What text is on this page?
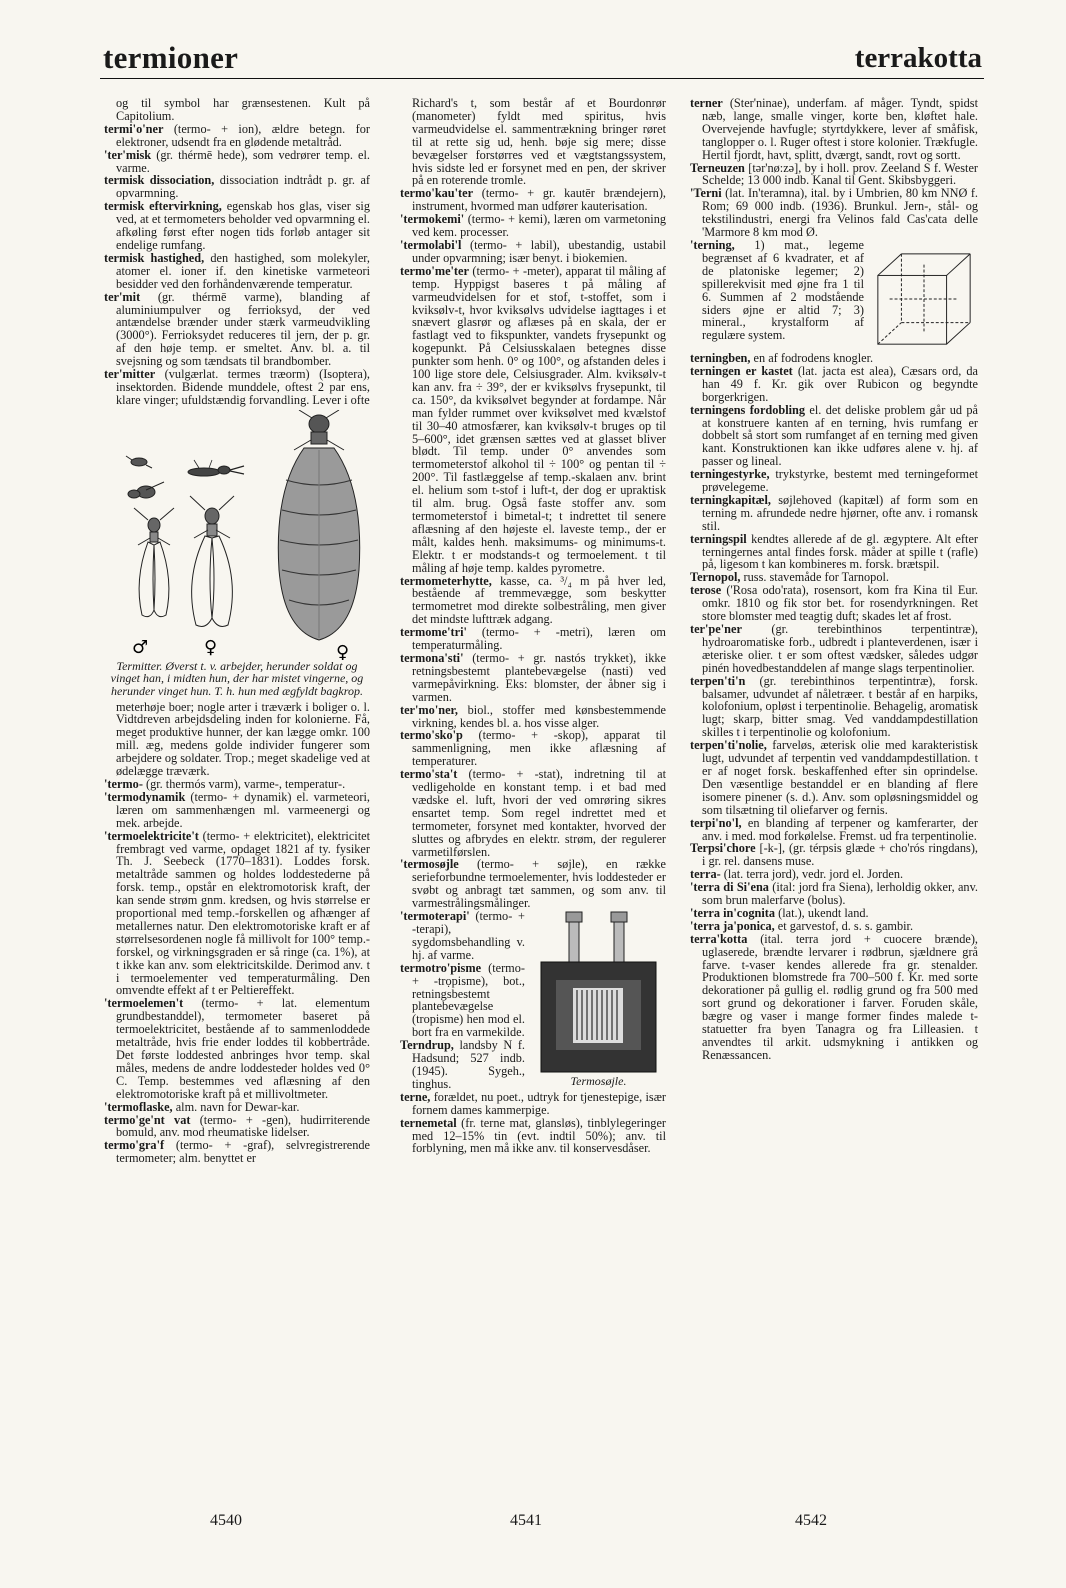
termioner	terrakotta

og til symbol har grænsestenen. Kult på Capitolium.

termi'o'ner (termo- + ion), ældre betegn. for elektroner, udsendt fra en glødende metaltråd.

'ter'misk (gr. thérmē hede), som vedrører temp. el. varme.

termisk dissociation, dissociation indtrådt p. gr. af opvarmning.

termisk eftervirkning, egenskab hos glas, viser sig ved, at et termometers beholder ved opvarmning el. afkøling først efter nogen tids forløb antager sit endelige rumfang.

termisk hastighed, den hastighed, som molekyler, atomer el. ioner if. den kinetiske varmeteori besidder ved den forhåndenværende temperatur.

ter'mit (gr. thérmē varme), blanding af aluminiumpulver og ferrioksyd, der ved antændelse brænder under stærk varmeudvikling (3000°). Ferrioksydet reduceres til jern, der p. gr. af den høje temp. er smeltet. Anv. bl. a. til svejsning og som tændsats til brandbomber.

ter'mitter (vulgærlat. termes træorm) (Isoptera), insektorden. Bidende munddele, oftest 2 par ens, klare vinger; ufuldstændig forvandling. Lever i ofte

♂	♀	♀
Termitter. Øverst t. v. arbejder, herunder soldat og vinget han, i midten hun, der har mistet vingerne, og herunder vinget hun. T. h. hun med ægfyldt bagkrop.

meterhøje boer; nogle arter i træværk i boliger o. l. Vidtdreven arbejdsdeling inden for kolonierne. Få, meget produktive hunner, der kan lægge omkr. 100 mill. æg, medens golde individer fungerer som arbejdere og soldater. Trop.; meget skadelige ved at ødelægge træværk.

'termo- (gr. thermós varm), varme-, temperatur-.

'termodynamik (termo- + dynamik) el. varmeteori, læren om sammenhængen ml. varmeenergi og mek. arbejde.

'termoelektricite't (termo- + elektricitet), elektricitet frembragt ved varme, opdaget 1821 af ty. fysiker Th. J. Seebeck (1770–1831). Loddes forsk. metaltråde sammen og holdes loddestederne på forsk. temp., opstår en elektromotorisk kraft, der kan sende strøm gnm. kredsen, og hvis størrelse er proportional med temp.-forskellen og afhænger af metallernes natur. Den elektromotoriske kraft er af størrelsesordenen nogle få millivolt for 100° temp.-forskel, og virkningsgraden er så ringe (ca. 1%), at t ikke kan anv. som elektricitskilde. Derimod anv. t i termoelementer ved temperaturmåling. Den omvendte effekt af t er Peltiereffekt.

'termoelemen't (termo- + lat. elementum grundbestanddel), termometer baseret på termoelektricitet, bestående af to sammenloddede metaltråde, hvis frie ender loddes til kobbertråde. Det første loddested anbringes hvor temp. skal måles, medens de andre loddesteder holdes ved 0° C. Temp. bestemmes ved aflæsning af den elektromotoriske kraft på et millivoltmeter.

'termoflaske, alm. navn for Dewar-kar.

termo'ge'nt vat (termo- + -gen), hudirriterende bomuld, anv. mod rheumatiske lidelser.

termo'gra'f (termo- + -graf), selvregistrerende termometer; alm. benyttet er

Richard's t, som består af et Bourdonrør (manometer) fyldt med spiritus, hvis varmeudvidelse el. sammentrækning bringer røret til at rette sig ud, henh. bøje sig mere; disse bevægelser forstørres ved et vægtstangssystem, hvis sidste led er forsynet med en pen, der skriver på en roterende tromle.

termo'kau'ter (termo- + gr. kautēr brændejern), instrument, hvormed man udfører kauterisation.

'termokemi' (termo- + kemi), læren om varmetoning ved kem. processer.

'termolabi'l (termo- + labil), ubestandig, ustabil under opvarmning; især benyt. i biokemien.

termo'me'ter (termo- + -meter), apparat til måling af temp. Hyppigst baseres t på måling af varmeudvidelsen for et stof, t-stoffet, som i kviksølv-t, hvor kviksølvs udvidelse iagttages i et snævert glasrør og aflæses på en skala, der er fastlagt ved to fikspunkter, vandets frysepunkt og kogepunkt. På Celsiusskalaen betegnes disse punkter som henh. 0° og 100°, og afstanden deles i 100 lige store dele, Celsiusgrader. Alm. kviksølv-t kan anv. fra ÷ 39°, der er kviksølvs frysepunkt, til ca. 150°, da kviksølvet begynder at fordampe. Når man fylder rummet over kviksølvet med kvælstof til 30–40 atmosfærer, kan kviksølv-t bruges op til 5–600°, idet grænsen sættes ved at glasset bliver blødt. Til temp. under 0° anvendes som termometerstof alkohol til ÷ 100° og pentan til ÷ 200°. Til fastlæggelse af temp.-skalaen anv. brint el. helium som t-stof i luft-t, der dog er upraktisk til alm. brug. Også faste stoffer anv. som termometerstof i bimetal-t; t indrettet til senere aflæsning af den højeste el. laveste temp., der er målt, kaldes henh. maksimums- og minimums-t. Elektr. t er modstands-t og termoelement. t til måling af høje temp. kaldes pyrometre.

termometerhytte, kasse, ca. ³/₄ m på hver led, bestående af tremmevægge, som beskytter termometret mod direkte solbestråling, men giver det mindste lufttræk adgang.

termome'tri' (termo- + -metri), læren om temperaturmåling.

termona'sti' (termo- + gr. nastós trykket), ikke retningsbestemt plantebevægelse (nasti) ved varmepåvirkning. Eks: blomster, der åbner sig i varmen.

ter'mo'ner, biol., stoffer med kønsbestemmende virkning, kendes bl. a. hos visse alger.

termo'sko'p (termo- + -skop), apparat til sammenligning, men ikke aflæsning af temperaturer.

termo'sta't (termo- + -stat), indretning til at vedligeholde en konstant temp. i et bad med vædske el. luft, hvori der ved omrøring sikres ensartet temp. Som regel indrettet med et termometer, forsynet med kontakter, hvorved der sluttes og afbrydes en elektr. strøm, der regulerer varmetilførslen.

'termosøjle (termo- + søjle), en række serieforbundne termoelementer, hvis loddesteder er svøbt og anbragt tæt sammen, og som anv. til varmestrålingsmålinger.

'termoterapi' (termo- + -terapi), sygdomsbehandling v. hj. af varme.

termotro'pisme (termo- + -trọpisme), bot., retningsbestemt plantebevægelse (tropisme) hen mod el. bort fra en varmekilde.

Terndrup, landsby N f. Hadsund; 527 indb. (1945). Sygeh., tinghus.	Termosøjle.

terne, forældet, nu poet., udtryk for tjenestepige, især fornem dames kammerpige.

ternemetal (fr. terne mat, glansløs), tinblylegeringer med 12–15% tin (evt. indtil 50%); anv. til forblyning, men må ikke anv. til konservesdåser.

terner (Ster'ninae), underfam. af måger. Tyndt, spidst næb, lange, smalle vinger, korte ben, kløftet hale. Overvejende havfugle; styrtdykkere, lever af småfisk, tanglopper o. l. Ruger oftest i store kolonier. Trækfugle. Hertil fjordt, havt, splitt, dværgt, sandt, rovt og sortt.

Terneuzen [tər'nø:zə], by i holl. prov. Zeeland S f. Wester Schelde; 13 000 indb. Kanal til Gent. Skibsbyggeri.

'Terni (lat. In'teramna), ital. by i Umbrien, 80 km NNØ f. Rom; 69 000 indb. (1936). Brunkul. Jern-, stål- og tekstilindustri, energi fra Velinos fald Cas'cata delle 'Marmore 8 km mod Ø.

'terning, 1) mat., legeme begrænset af 6 kvadrater, et af de platoniske legemer; 2) spillerekvisit med øjne fra 1 til 6. Summen af 2 modstående siders øjne er altid 7; 3) mineral., krystalform af regulære system.

terningben, en af fodrodens knogler.

terningen er kastet (lat. jacta est alea), Cæsars ord, da han 49 f. Kr. gik over Rubicon og begyndte borgerkrigen.

terningens fordobling el. det deliske problem går ud på at konstruere kanten af en terning, hvis rumfang er dobbelt så stort som rumfanget af en terning med given kant. Konstruktionen kan ikke udføres alene v. hj. af passer og lineal.

terningestyrke, trykstyrke, bestemt med terningeformet prøvelegeme.

terningkapitæl, søjlehoved (kapitæl) af form som en terning m. afrundede nedre hjørner, ofte anv. i romansk stil.

terningspil kendtes allerede af de gl. ægyptere. Alt efter terningernes antal findes forsk. måder at spille t (rafle) på, ligesom t kan kombineres m. forsk. brætspil.

Ternopol, russ. stavemåde for Tarnopol.

terose ('Rosa odo'rata), rosensort, kom fra Kina til Eur. omkr. 1810 og fik stor bet. for rosendyrkningen. Ret store blomster med teagtig duft; skades let af frost.

ter'pe'ner (gr. terebinthinos terpentintræ), hydroaromatiske forb., udbredt i planteverdenen, især i æteriske olier. t er som oftest vædsker, således udgør pinén hovedbestanddelen af mange slags terpentinolier.

terpen'ti'n (gr. terebinthinos terpentintræ), forsk. balsamer, udvundet af nåletræer. t består af en harpiks, kolofonium, opløst i terpentinolie. Behagelig, aromatisk lugt; skarp, bitter smag. Ved vanddampdestillation skilles t i terpentinolie og kolofonium.

terpen'ti'nolie, farveløs, æterisk olie med karakteristisk lugt, udvundet af terpentin ved vanddampdestillation. t er af noget forsk. beskaffenhed efter sin oprindelse. Den væsentlige bestanddel er en blanding af flere isomere pinener (s. d.). Anv. som opløsningsmiddel og som tilsætning til oliefarver og fernis.

terpi'no'l, en blanding af terpener og kamferarter, der anv. i med. mod forkølelse. Fremst. ud fra terpentinolie.

Terpsi'chore [-k-], (gr. térpsis glæde + cho'rós ringdans), i gr. rel. dansens muse.

terra- (lat. terra jord), vedr. jord el. Jorden.

'terra di Si'ena (ital: jord fra Siena), lerholdig okker, anv. som brun malerfarve (bolus).

'terra in'cognita (lat.), ukendt land.

'terra ja'ponica, et garvestof, d. s. s. gambir.

terra'kotta (ital. terra jord + cuocere brænde), uglaserede, brændte lervarer i rødbrun, sjældnere grå farve. t-vaser kendes allerede fra gr. stenalder. Produktionen blomstrede fra 700–500 f. Kr. med sorte dekorationer på gullig el. rødlig grund og fra 500 med sort grund og dekorationer i farver. Foruden skåle, bægre og vaser i mange former findes malede t-statuetter fra byen Tanagra og fra Lilleasien. t anvendtes til arkit. udsmykning i antikken og Renæssancen.

4540	4541	4542
